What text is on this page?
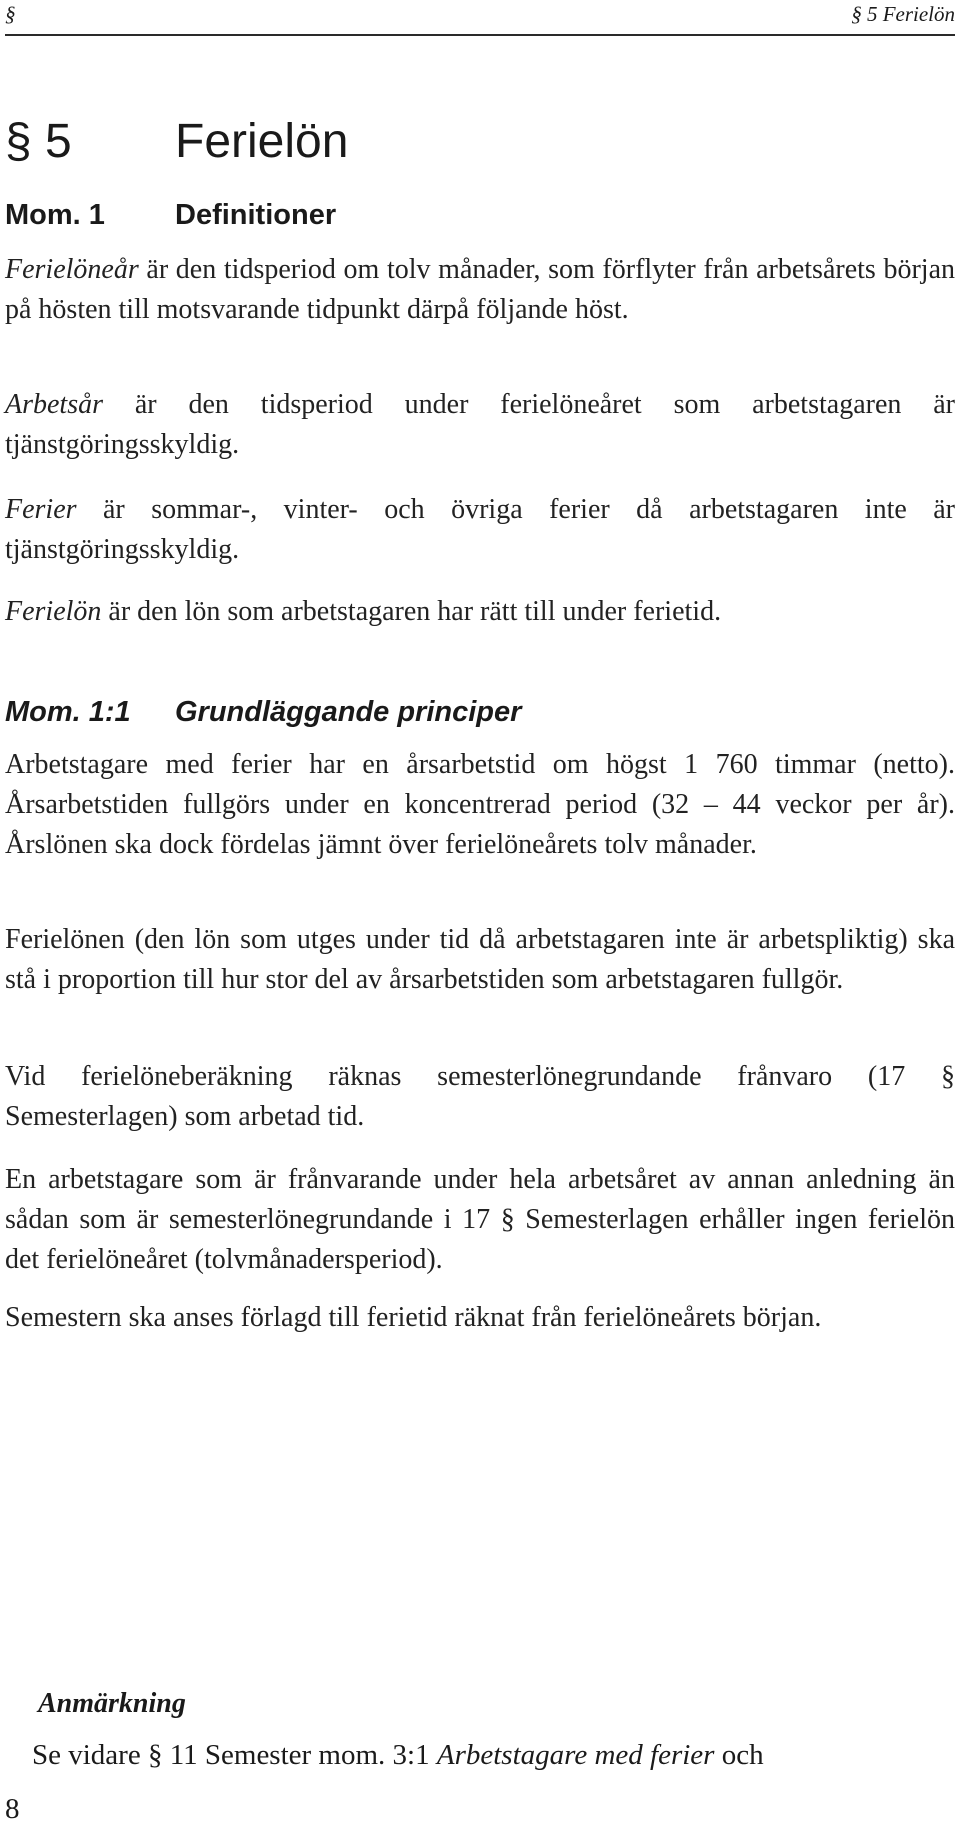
§	§ 5 Ferielön
§ 5 Ferielön
Mom. 1 Definitioner

Ferielöneår är den tidsperiod om tolv månader, som förflyter från arbetsårets början på hösten till motsvarande tidpunkt därpå följande höst.

Arbetsår är den tidsperiod under ferielöneåret som arbetstagaren är tjänstgöringsskyldig.

Ferier är sommar-, vinter- och övriga ferier då arbetstagaren inte är tjänstgöringsskyldig.

Ferielön är den lön som arbetstagaren har rätt till under ferietid.

Mom. 1:1 Grundläggande principer

Arbetstagare med ferier har en årsarbetstid om högst 1 760 timmar (netto). Årsarbetstiden fullgörs under en koncentrerad period (32 – 44 veckor per år). Årslönen ska dock fördelas jämnt över ferielöneårets tolv månader.

Ferielönen (den lön som utges under tid då arbetstagaren inte är arbetspliktig) ska stå i proportion till hur stor del av årsarbetstiden som arbetstagaren fullgör.

Vid ferielöneberäkning räknas semesterlönegrundande frånvaro (17 § Semesterlagen) som arbetad tid.

En arbetstagare som är frånvarande under hela arbetsåret av annan anledning än sådan som är semesterlönegrundande i 17 § Semesterlagen erhåller ingen ferielön det ferielöneåret (tolvmånadersperiod).

Semestern ska anses förlagd till ferietid räknat från ferielöneårets början.

Anmärkning

Se vidare § 11 Semester mom. 3:1 Arbetstagare med ferier och

8
